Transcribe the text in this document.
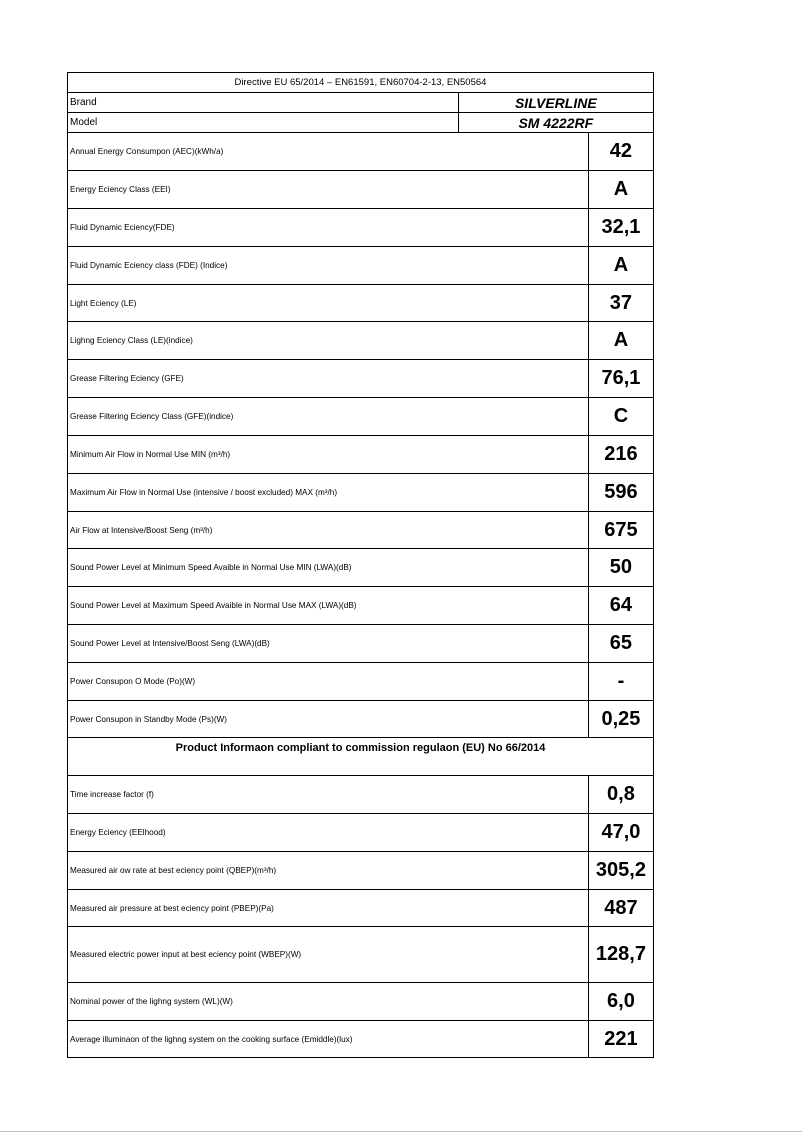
Directive EU 65/2014 – EN61591, EN60704-2-13, EN50564		
Brand	SILVERLINE	
Model	SM 4222RF	
Annual Energy Consumpon (AEC)(kWh/a)		42
Energy Eciency Class (EEI)		A
Fluid Dynamic Eciency(FDE)		32,1
Fluid Dynamic Eciency class (FDE) (Indice)		A
Light Eciency (LE)		37
Lighng Eciency Class (LE)(indice)		A
Grease Filtering Eciency (GFE)		76,1
Grease Filtering Eciency Class (GFE)(indice)		C
Minimum Air Flow in Normal Use MIN (m³/h)		216
Maximum Air Flow in Normal Use (intensive / boost excluded) MAX (m³/h)		596
Air Flow at Intensive/Boost Seng (m³/h)		675
Sound Power Level at Minimum Speed Avaible in Normal Use MIN (LWA)(dB)		50
Sound Power Level at Maximum Speed Avaible in Normal Use MAX (LWA)(dB)		64
Sound Power Level at Intensive/Boost Seng (LWA)(dB)		65
Power Consupon O Mode (Po)(W)		-
Power Consupon in Standby Mode (Ps)(W)		0,25
Product Informaon compliant to commission regulaon (EU) No 66/2014		
Time increase factor (f)		0,8
Energy Eciency (EElhood)		47,0
Measured air ow rate at best eciency point (QBEP)(m³/h)		305,2
Measured air pressure at best eciency point (PBEP)(Pa)		487
Measured electric power input at best eciency point (WBEP)(W)		128,7
Nominal power of the lighng system (WL)(W)		6,0
Average illuminaon of the lighng system on the cooking surface (Emiddle)(lux)		221
